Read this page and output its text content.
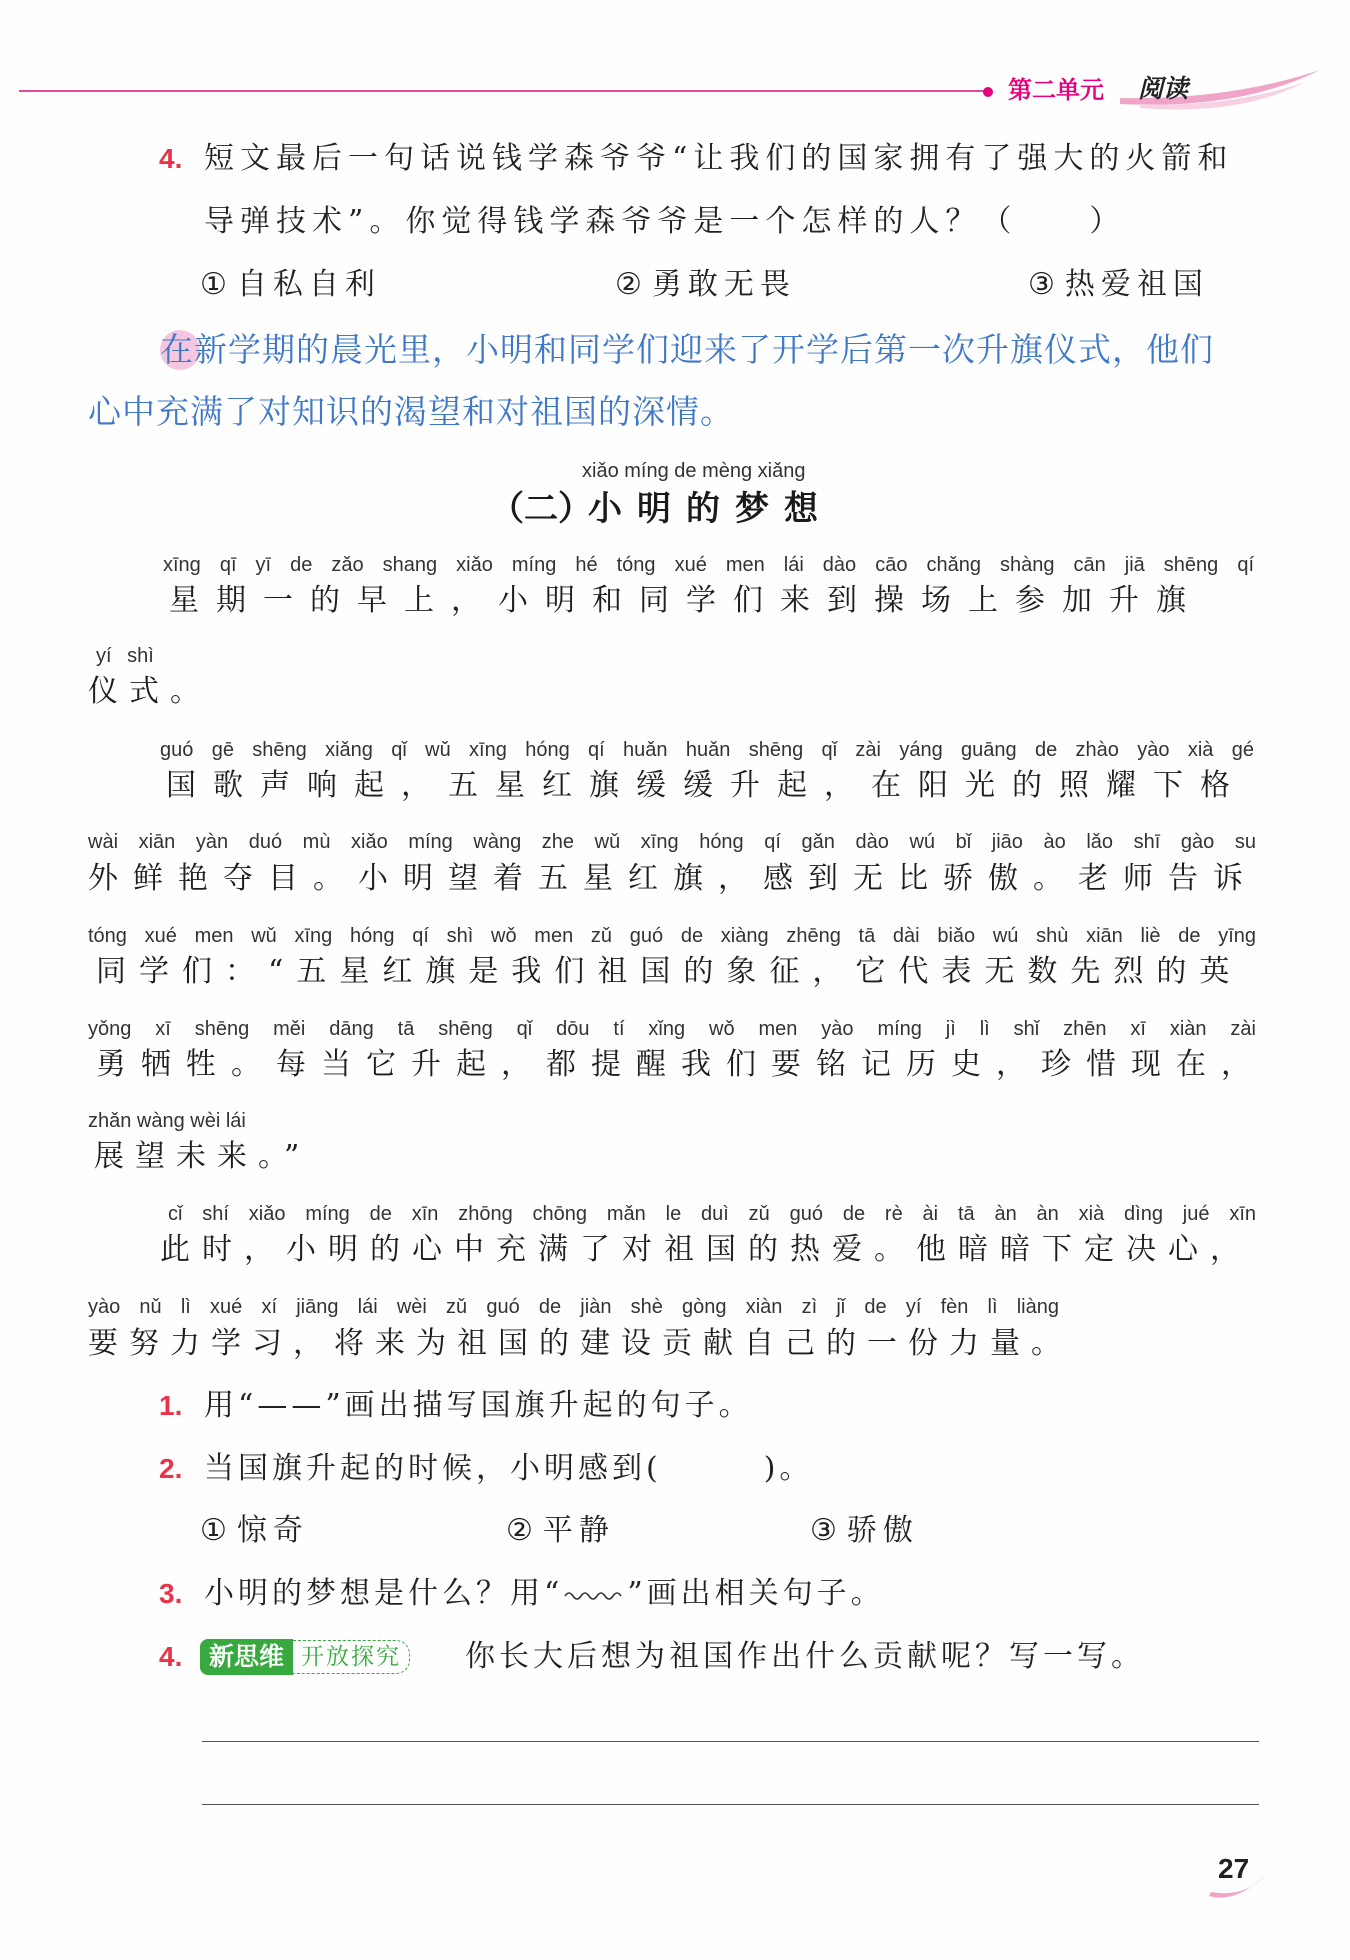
第二单元 阅读
4. 短文最后一句话说钱学森爷爷“让我们的国家拥有了强大的火箭和
导弹技术”。你觉得钱学森爷爷是一个怎样的人？（　　）
① 自私自利	② 勇敢无畏	③ 热爱祖国
在新学期的晨光里，小明和同学们迎来了开学后第一次升旗仪式，他们
心中充满了对知识的渴望和对祖国的深情。
xiǎo míng de mèng xiǎng
（二）
小明的梦想
xīng qī yī de zǎo shang xiǎo míng hé tóng xué men lái dào cāo chǎng shàng cān jiā shēng qí
星期一的早上，小明和同学们来到操场上参加升旗
yí shì
仪式。
guó gē shēng xiǎng qǐ wǔ xīng hóng qí huǎn huǎn shēng qǐ zài yáng guāng de zhào yào xià gé
国歌声响起，五星红旗缓缓升起，在阳光的照耀下格
wài xiān yàn duó mù xiǎo míng wàng zhe wǔ xīng hóng qí gǎn dào wú bǐ jiāo ào lǎo shī gào su
外鲜艳夺目。小明望着五星红旗，感到无比骄傲。老师告诉
tóng xué men wǔ xīng hóng qí shì wǒ men zǔ guó de xiàng zhēng tā dài biǎo wú shù xiān liè de yīng
同学们：“五星红旗是我们祖国的象征，它代表无数先烈的英
yǒng xī shēng měi dāng tā shēng qǐ dōu tí xǐng wǒ men yào míng jì lì shǐ zhēn xī xiàn zài
勇牺牲。每当它升起，都提醒我们要铭记历史，珍惜现在，
zhǎn wàng wèi lái
展望未来。”
cǐ shí xiǎo míng de xīn zhōng chōng mǎn le duì zǔ guó de rè ài tā àn àn xià dìng jué xīn
此时，小明的心中充满了对祖国的热爱。他暗暗下定决心，
yào nǔ lì xué xí jiāng lái wèi zǔ guó de jiàn shè gòng xiàn zì jǐ de yí fèn lì liàng
要努力学习，将来为祖国的建设贡献自己的一份力量。
1. 用“——”画出描写国旗升起的句子。
2. 当国旗升起的时候，小明感到(　　　)。
① 惊奇	② 平静	③ 骄傲
3. 小明的梦想是什么？用“ ”画出相关句子。
4.	新思维 开放探究	你长大后想为祖国作出什么贡献呢？写一写。
27
